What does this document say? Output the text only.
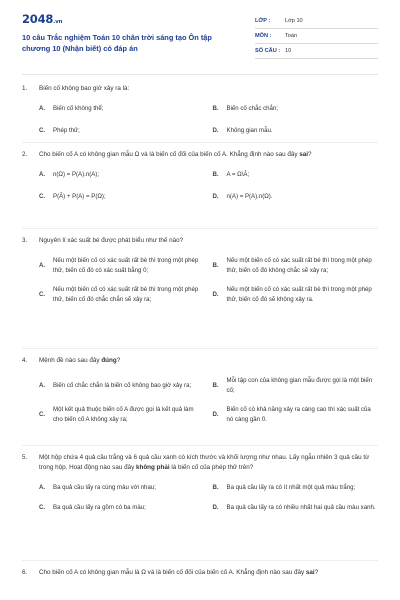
2048.vn
10 câu Trắc nghiệm Toán 10 chân trời sáng tạo Ôn tập chương 10 (Nhận biết) có đáp án
LỚP :	Lớp 10
MÔN :	Toán
SỐ CÂU : 10
1.	Biến cố không bao giờ xảy ra là:
A.	Biến cố không thể;	B.	Biến cố chắc chắn;
C.	Phép thử;	D.	Không gian mẫu.
2.	Cho biến cố A có không gian mẫu Ω và là biến cố đối của biến cố A. Khẳng định nào sau đây sai?
A.	n(Ω) = P(A).n(A);	B.	A = Ω\Ā;
C.	P(Ā) + P(A) = P(Ω);	D.	n(A) = P(A).n(Ω).
3.	Nguyên lí xác suất bé được phát biểu như thế nào?
A.
Nếu một biến cố có xác suất rất bé thì trong một phép thử, biến cố đó có xác suất bằng 0;
B.
Nếu một biến cố có xác suất rất bé thì trong một phép thử, biến cố đó không chắc sẽ xảy ra;
C.
Nếu một biến cố có xác suất rất bé thì trong một phép thử, biến cố đó chắc chắn sẽ xảy ra;
D.
Nếu một biến cố có xác suất rất bé thì trong một phép thử, biến cố đó sẽ không xảy ra.
4.	Mệnh đề nào sau đây đúng?
A.	Biến cố chắc chắn là biến cố không bao giờ xảy ra;	B.
Mỗi tập con của không gian mẫu được gọi là một biến cố;
C.
Một kết quả thuộc biến cố A được gọi là kết quả làm cho biến cố A không xảy ra;
D.
Biến cố có khả năng xảy ra càng cao thì xác suất của nó càng gần 0.
5.	Một hộp chứa 4 quả cầu trắng và 6 quả cầu xanh có kích thước và khối lượng như nhau. Lấy ngẫu nhiên 3 quả cầu từ trong hộp. Hoạt động nào sau đây không phải là biến cố của phép thử trên?
A.	Ba quả cầu lấy ra cùng màu với nhau;	B.	Ba quả cầu lấy ra có ít nhất một quả màu trắng;
C.	Ba quả cầu lấy ra gồm có ba màu;	D.	Ba quả cầu lấy ra có nhiều nhất hai quả cầu màu xanh.
6.	Cho biến cố A có không gian mẫu là Ω và là biến cố đối của biến cố A. Khẳng định nào sau đây sai?
